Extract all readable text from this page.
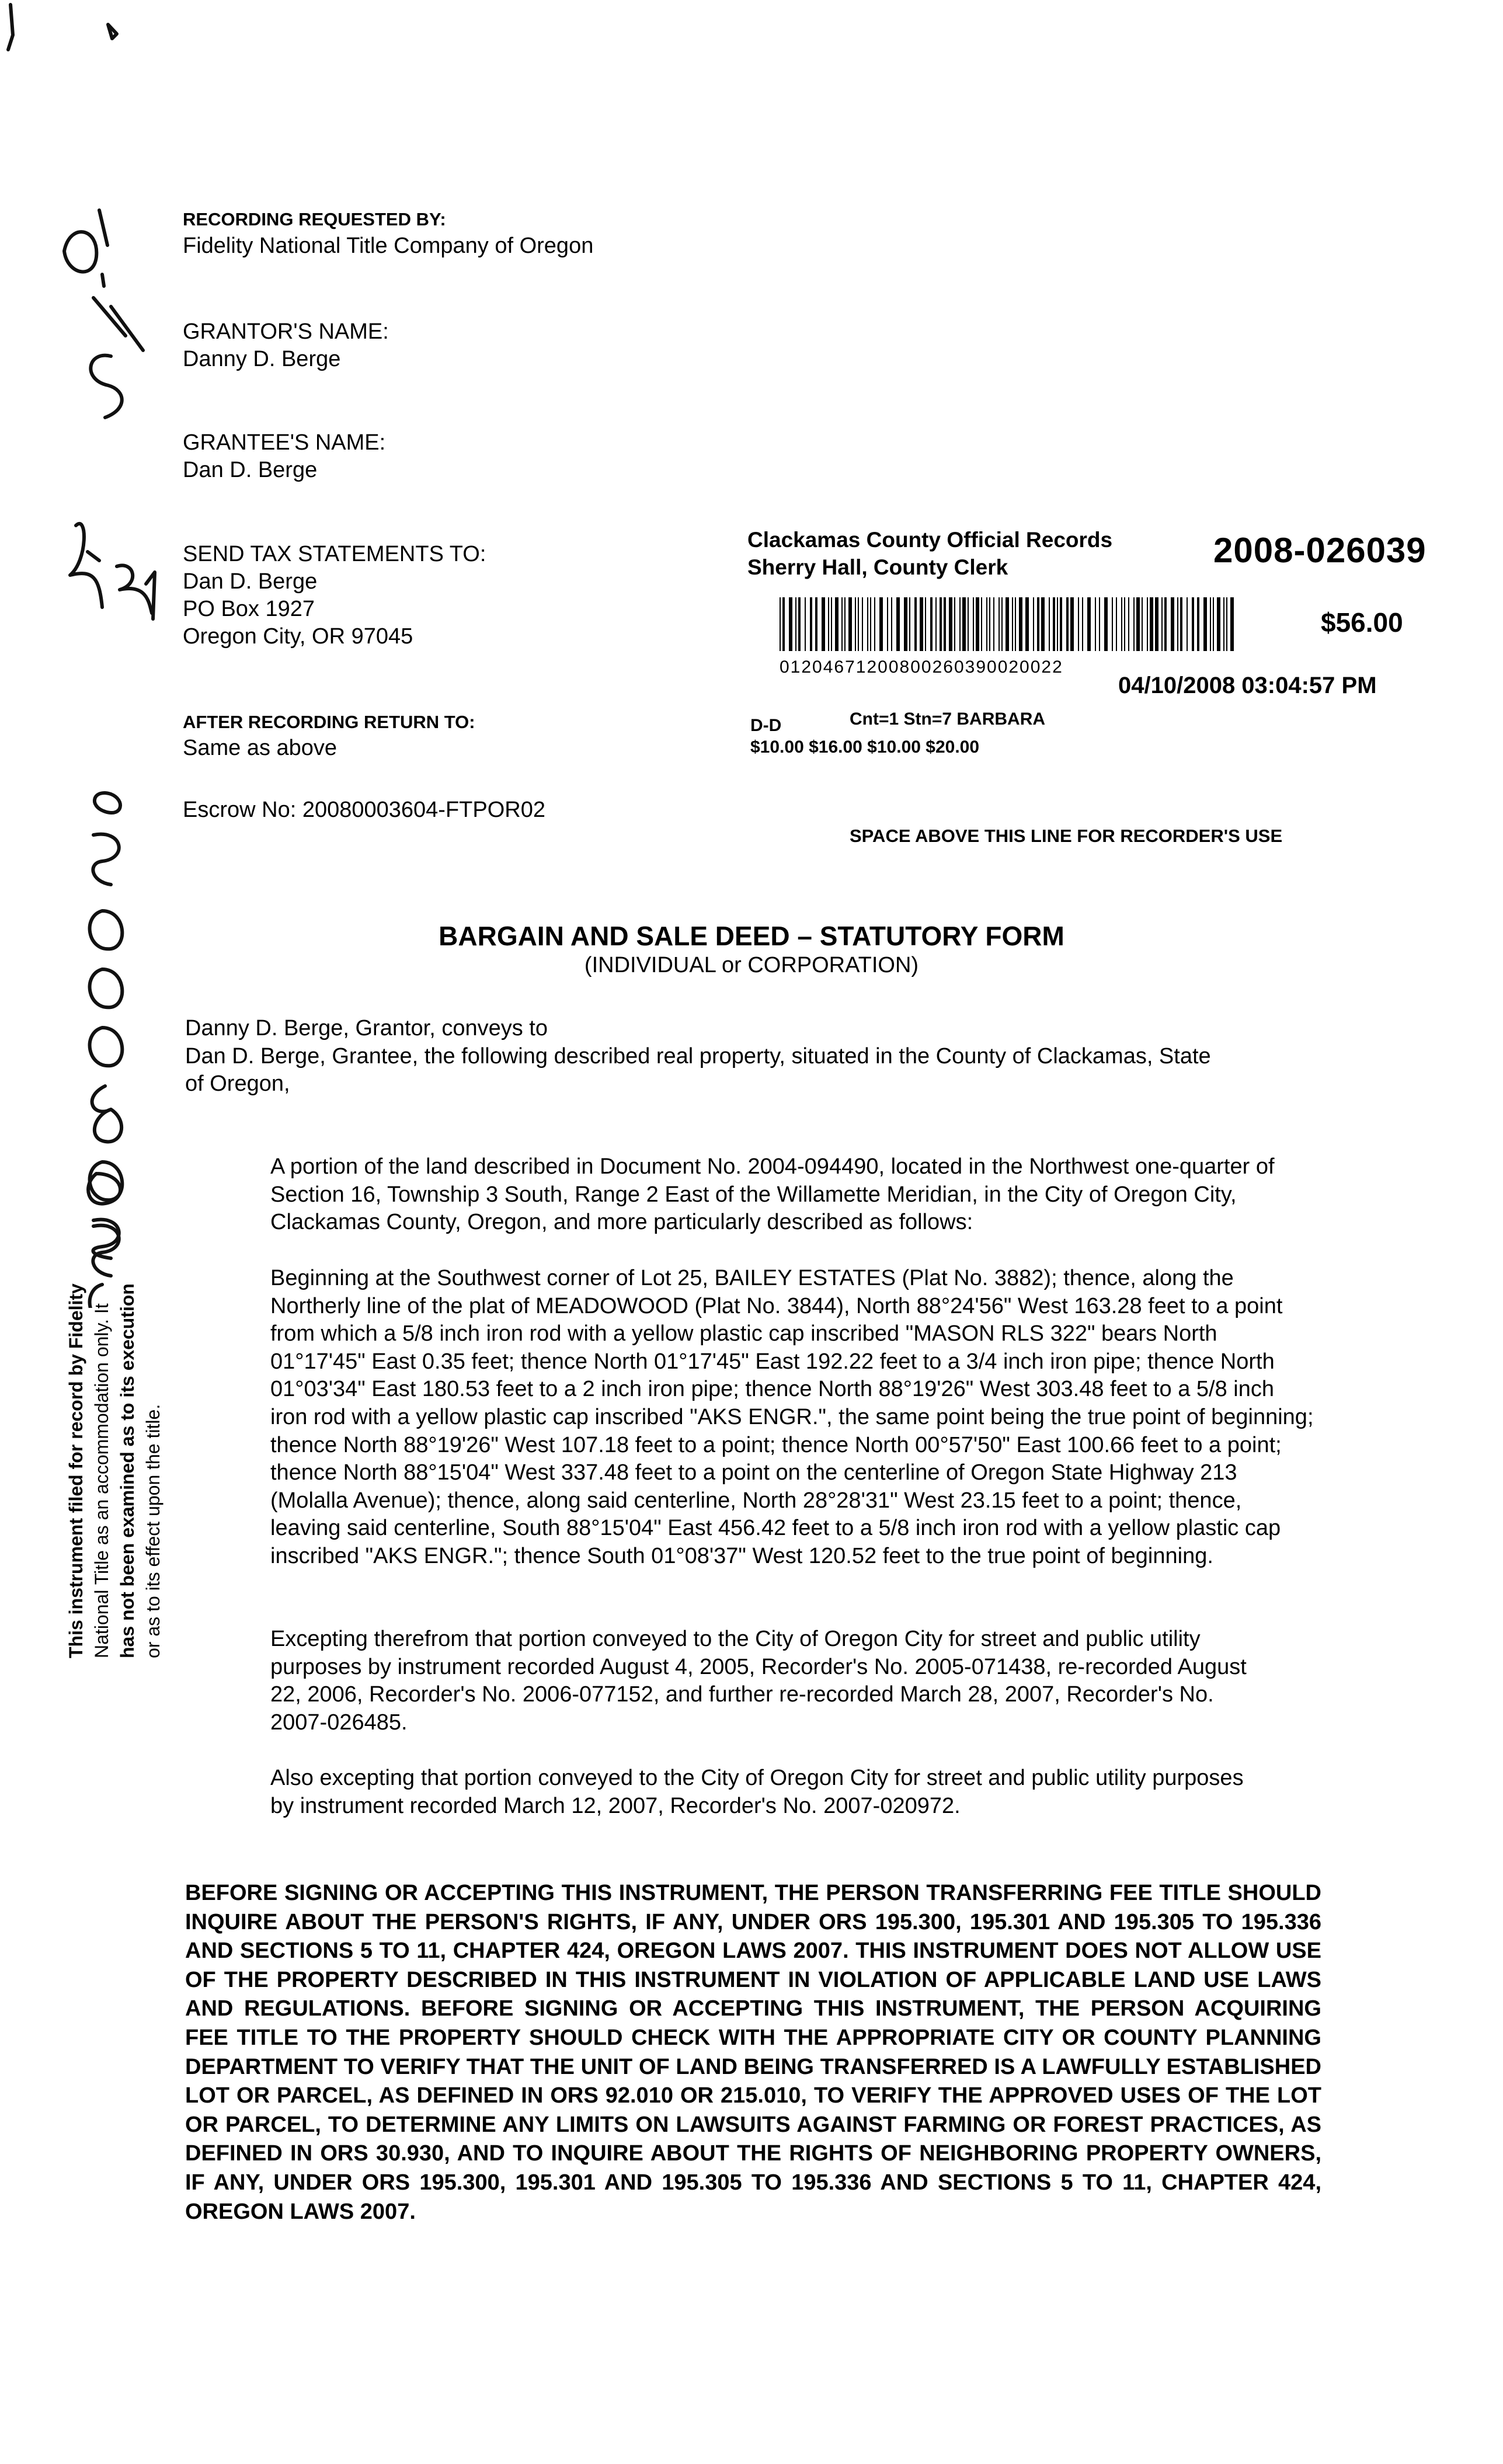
This instrument filed for record by Fidelity National Title as an accommodation only. It has not been examined as to its execution or as to its effect upon the title.
RECORDING REQUESTED BY:
Fidelity National Title Company of Oregon
GRANTOR'S NAME:
Danny D. Berge
GRANTEE'S NAME:
Dan D. Berge
SEND TAX STATEMENTS TO:
Dan D. Berge
PO Box 1927
Oregon City, OR 97045
AFTER RECORDING RETURN TO:
Same as above
Escrow No: 20080003604-FTPOR02
Clackamas County Official Records
Sherry Hall, County Clerk	2008-026039
$56.00
01204671200800260390020022
04/10/2008 03:04:57 PM
D-D	Cnt=1 Stn=7 BARBARA
$10.00 $16.00 $10.00 $20.00
SPACE ABOVE THIS LINE FOR RECORDER'S USE
BARGAIN AND SALE DEED – STATUTORY FORM
(INDIVIDUAL or CORPORATION)
Danny D. Berge, Grantor, conveys to
Dan D. Berge, Grantee, the following described real property, situated in the County of Clackamas, State
of Oregon,
A portion of the land described in Document No. 2004-094490, located in the Northwest one-quarter of Section 16, Township 3 South, Range 2 East of the Willamette Meridian, in the City of Oregon City, Clackamas County, Oregon, and more particularly described as follows:
Beginning at the Southwest corner of Lot 25, BAILEY ESTATES (Plat No. 3882); thence, along the Northerly line of the plat of MEADOWOOD (Plat No. 3844), North 88°24'56" West 163.28 feet to a point from which a 5/8 inch iron rod with a yellow plastic cap inscribed "MASON RLS 322" bears North 01°17'45" East 0.35 feet; thence North 01°17'45" East 192.22 feet to a 3/4 inch iron pipe; thence North 01°03'34" East 180.53 feet to a 2 inch iron pipe; thence North 88°19'26" West 303.48 feet to a 5/8 inch iron rod with a yellow plastic cap inscribed "AKS ENGR.", the same point being the true point of beginning; thence North 88°19'26" West 107.18 feet to a point; thence North 00°57'50" East 100.66 feet to a point; thence North 88°15'04" West 337.48 feet to a point on the centerline of Oregon State Highway 213 (Molalla Avenue); thence, along said centerline, North 28°28'31" West 23.15 feet to a point; thence, leaving said centerline, South 88°15'04" East 456.42 feet to a 5/8 inch iron rod with a yellow plastic cap inscribed "AKS ENGR."; thence South 01°08'37" West 120.52 feet to the true point of beginning.
Excepting therefrom that portion conveyed to the City of Oregon City for street and public utility purposes by instrument recorded August 4, 2005, Recorder's No. 2005-071438, re-recorded August 22, 2006, Recorder's No. 2006-077152, and further re-recorded March 28, 2007, Recorder's No. 2007-026485.
Also excepting that portion conveyed to the City of Oregon City for street and public utility purposes by instrument recorded March 12, 2007, Recorder's No. 2007-020972.
BEFORE SIGNING OR ACCEPTING THIS INSTRUMENT, THE PERSON TRANSFERRING FEE TITLE SHOULD INQUIRE ABOUT THE PERSON'S RIGHTS, IF ANY, UNDER ORS 195.300, 195.301 AND 195.305 TO 195.336 AND SECTIONS 5 TO 11, CHAPTER 424, OREGON LAWS 2007. THIS INSTRUMENT DOES NOT ALLOW USE OF THE PROPERTY DESCRIBED IN THIS INSTRUMENT IN VIOLATION OF APPLICABLE LAND USE LAWS AND REGULATIONS. BEFORE SIGNING OR ACCEPTING THIS INSTRUMENT, THE PERSON ACQUIRING FEE TITLE TO THE PROPERTY SHOULD CHECK WITH THE APPROPRIATE CITY OR COUNTY PLANNING DEPARTMENT TO VERIFY THAT THE UNIT OF LAND BEING TRANSFERRED IS A LAWFULLY ESTABLISHED LOT OR PARCEL, AS DEFINED IN ORS 92.010 OR 215.010, TO VERIFY THE APPROVED USES OF THE LOT OR PARCEL, TO DETERMINE ANY LIMITS ON LAWSUITS AGAINST FARMING OR FOREST PRACTICES, AS DEFINED IN ORS 30.930, AND TO INQUIRE ABOUT THE RIGHTS OF NEIGHBORING PROPERTY OWNERS, IF ANY, UNDER ORS 195.300, 195.301 AND 195.305 TO 195.336 AND SECTIONS 5 TO 11, CHAPTER 424, OREGON LAWS 2007.
